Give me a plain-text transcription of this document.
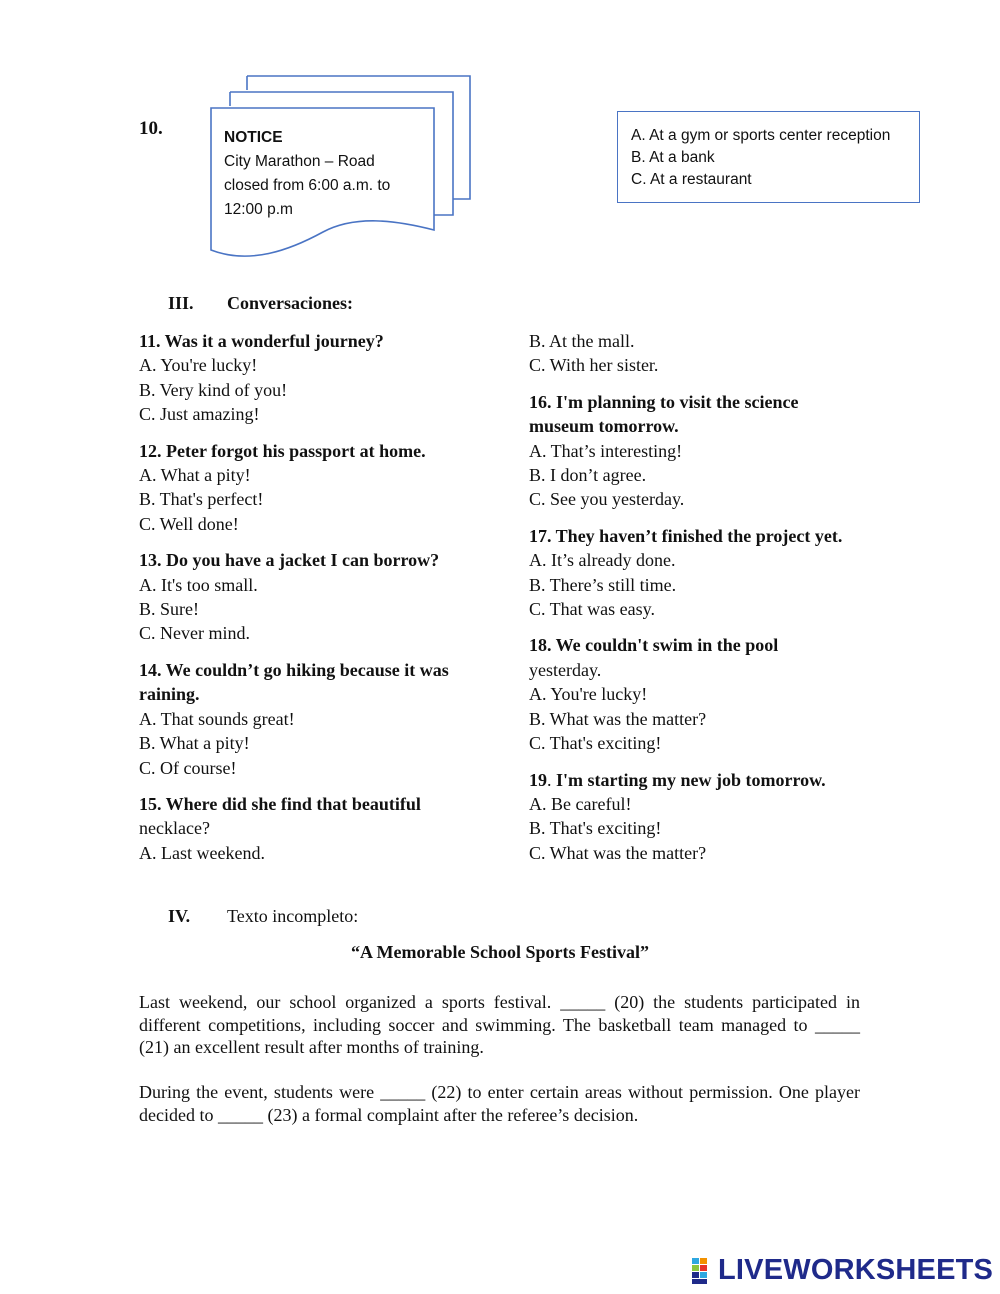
10.	NOTICE
City Marathon – Road
closed from 6:00 a.m. to
12:00 p.m
A. At a gym or sports center reception
B. At a bank
C. At a restaurant
III. Conversaciones:

11. Was it a wonderful journey?

A. You're lucky!

B. Very kind of you!

C. Just amazing!

12. Peter forgot his passport at home.

A. What a pity!

B. That's perfect!

C. Well done!

13. Do you have a jacket I can borrow?

A. It's too small.

B. Sure!

C. Never mind.

14. We couldn’t go hiking because it was raining.

A. That sounds great!

B. What a pity!

C. Of course!

15. Where did she find that beautiful

necklace?

A. Last weekend.

B. At the mall.

C. With her sister.

16. I'm planning to visit the science museum tomorrow.

A. That’s interesting!

B. I don’t agree.

C. See you yesterday.

17. They haven’t finished the project yet.

A. It’s already done.

B. There’s still time.

C. That was easy.

18. We couldn't swim in the pool

yesterday.

A. You're lucky!

B. What was the matter?

C. That's exciting!

19. I'm starting my new job tomorrow.

A. Be careful!

B. That's exciting!

C. What was the matter?

IV. Texto incompleto:
“A Memorable School Sports Festival”
Last weekend, our school organized a sports festival. _____ (20) the students participated in different competitions, including soccer and swimming. The basketball team managed to _____ (21) an excellent result after months of training.
During the event, students were _____ (22) to enter certain areas without permission. One player decided to _____ (23) a formal complaint after the referee’s decision.
LIVEWORKSHEETS
